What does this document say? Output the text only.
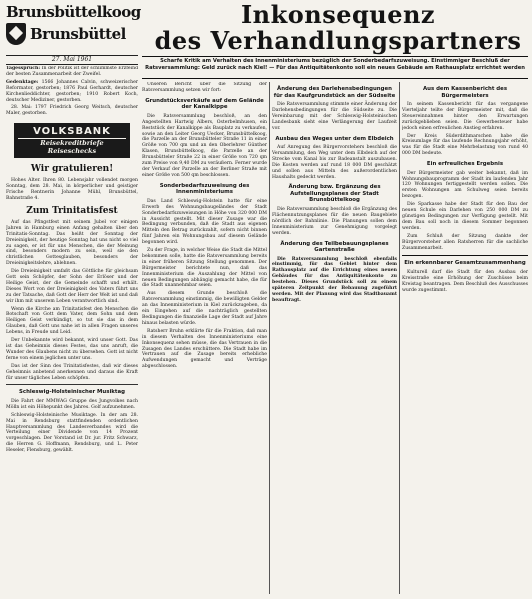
Brunsbüttelkoog
Brunsbüttel
27. Mai 1961
Inkonsequenz
des Verhandlungspartners
Scharfe Kritik am Verhalten des Innenministeriums bezüglich der Sonderbedarfszuweisung. Einstimmiger Beschluß der Ratsversammlung: Geld zurück nach Kiel! — Für das Antiquitätenkonto soll ein neues Gebäude am Rathausplatz errichtet werden

Tagesspruch: In der Politik ist der schlimmste Erzfeind der besten Zusammenarbeit der Zweifel.

Gedenktage: 1566 Johannes Calvin, schweizerischer Reformator, gestorben; 1876 Paul Gerhardt, deutscher Kirchenlieddichter, gestorben; 1910 Robert Koch, deutscher Mediziner, gestorben.

28. Mai: 1797 Friedrich Georg Weitsch, deutscher Maler, gestorben.

VOLKSBANK
Reisekreditbriefe
Reiseschecks
Wir gratulieren!

Hohes Alter. Ihren 80. Lebensjahr vollendet morgen Sonntag, dem 28. Mai, in körperlicher und geistiger Frische Rentnerin Johanne Mühl, Brunsbüttel, Bahnstraße 4.

Zum Trinitatisfest

Auf das Pfingstfest mit seinem Jubel vor einigen Jahren in Hamburg einen Anfang gehalten über den Trinitatis-Sonntag. Das heißt der Sonntag der Dreieinigkeit, der heutige Sonntag hat uns nicht so viel zu sagen, er ist für uns Menschen, die der Meinung sind, besonders modern zu sein, weil sie den christlichen Gottesglauben, besonders der Dreieinigkeitslehre, ablehnen.

Die Dreieinigkeit umfaßt das Göttliche für gleichsam Gott sein Schöpfer, der Sohn der Erlöser und der Heilige Geist, der die Gemeinde schafft und erhält. Dieses Wort von der Dreieinigkeit des Vaters führt uns zu der Tatsache, daß Gott der Herr der Welt ist und daß wir ihm mit unserem Leben verantwortlich sind.

Wenn die Kirche am Trinitatisfest den Menschen die Botschaft von Gott dem Vater, dem Sohn und dem Heiligen Geist verkündigt, so tut sie das in dem Glauben, daß Gott uns nahe ist in allen Fragen unseres Lebens, in Freude und Leid.

Der Unbekannte wird bekannt, wird unser Gott. Das ist das Geheimnis dieses Festes, das uns anruft, die Wunder des Glaubens nicht zu übersehen. Gott ist nicht ferne von einem jeglichen unter uns.

Das ist der Sinn des Trinitatisfestes, daß wir dieses Geheimnis anbetend anerkennen und daraus die Kraft für unser tägliches Leben schöpfen.

Schleswig-Holsteinischer Musiktag

Die Fahrt der MMWAG Gruppe des Jungvolkes nach Mölln ist ein Höhepunkt des Jahres. Golf aufzunehmen.

Schleswig-Holsteinische Musiktage. In der am 28. Mai in Rendsburg stattfindenden ordentlichen Hauptversammlung des Landesverbandes wird die Verteilung einer Dividende von 14 Prozent vorgeschlagen. Der Vorstand ist Dr. jur. Fritz Schwarz, die Herren G. Hoffmann, Rendsburg, und L. Peter Heseler, Flensburg, gewählt.

Unseren Bericht über die Sitzung der Ratsversammlung setzen wir fort:

Grundstücksverkäufe auf dem Gelände der Kanalkippe

Die Ratsversammlung beschloß, an den Angestellten Hartwig Albers, Osterbelmhusen, ein Reststück der Kanalkippe als Bauplatz zu verkaufen, sowie an den Leiter Georg Uecker, Brunsbüttelkoog, die Parzelle an der Brunsbütteler Straße 11 in einer Größe von 700 qm und an den Oberlehrer Günther Klasen, Brunsbüttelkoog, die Parzelle an der Brunsbütteler Straße 22 in einer Größe von 720 qm zum Preise von 9,40 DM zu veräußern. Ferner wurde der Verkauf der Parzelle an der Berliner Straße mit einer Größe von 500 qm beschlossen.

Sonderbedarfszuweisung des Innenministeriums

Das Land Schleswig-Holstein hatte für eine Erwerb des Wohnungsbaugeländes der Stadt Sonderbedarfszuweisungen in Höhe von 320 000 DM in Aussicht gestellt. Mit dieser Zusage war die Bedingung verbunden, daß die Stadt aus eigenen Mitteln den Betrag zurückzahlt, sofern nicht binnen fünf Jahren ein Wohnungsbau auf diesem Gelände begonnen wird.

Zu der Frage, in welcher Weise die Stadt die Mittel bekommen solle, hatte die Ratsversammlung bereits in einer früheren Sitzung Stellung genommen. Der Bürgermeister berichtete nun, daß das Innenministerium die Auszahlung der Mittel von neuen Bedingungen abhängig gemacht habe, die für die Stadt unannehmbar seien.

Aus diesem Grunde beschloß die Ratsversammlung einstimmig, die bewilligten Gelder an das Innenministerium in Kiel zurückzugeben, da ein Eingehen auf die nachträglich gestellten Bedingungen die finanzielle Lage der Stadt auf Jahre hinaus belasten würde.

Ratsherr Bruhn erklärte für die Fraktion, daß man in diesem Verhalten des Innenministeriums eine Inkonsequenz sehen müsse, die das Vertrauen in die Zusagen des Landes erschüttere. Die Stadt habe im Vertrauen auf die Zusage bereits erhebliche Aufwendungen gemacht und Verträge abgeschlossen.

Änderung des Darlehensbedingungen für das Kaufgrundstück an der Südseite

Die Ratsversammlung stimmte einer Änderung der Darlehensbedingungen für die Südseite zu. Die Vereinbarung mit der Schleswig-Holsteinischen Landesbank sieht eine Verlängerung der Laufzeit vor.

Ausbau des Weges unter dem Elbdeich

Auf Anregung des Bürgervorstehers beschloß die Versammlung, den Weg unter dem Elbdeich auf der Strecke vom Kanal bis zur Badeanstalt auszubauen. Die Kosten werden auf rund 18 000 DM geschätzt und sollen aus Mitteln des außerordentlichen Haushalts gedeckt werden.

Änderung bzw. Ergänzung des Aufstellungsplanes der Stadt Brunsbüttelkoog

Die Ratsversammlung beschloß die Ergänzung des Flächennutzungsplanes für die neuen Baugebiete nördlich der Bahnlinie. Die Planungen sollen dem Innenministerium zur Genehmigung vorgelegt werden.

Änderung des Teilbebauungsplanes Gartenstraße

Die Ratsversammlung beschloß ebenfalls einstimmig, für das Gebiet hinter dem Rathausplatz auf die Errichtung eines neuen Gebäudes für das Antiquitätenkonto zu bestehen. Dieses Grundstück soll zu einem späteren Zeitpunkt der Bebauung zugeführt werden. Mit der Planung wird das Stadtbauamt beauftragt.

Aus dem Kassenbericht des Bürgermeisters

In seinem Kassenbericht für das vergangene Vierteljahr teilte der Bürgermeister mit, daß die Steuereinnahmen hinter den Erwartungen zurückgeblieben seien. Die Gewerbesteuer habe jedoch einen erfreulichen Anstieg erfahren.

Der Kreis Süderdithmarschen habe die Kreisumlage für das laufende Rechnungsjahr erhöht, was für die Stadt eine Mehrbelastung von rund 40 000 DM bedeute.

Ein erfreuliches Ergebnis

Der Bürgermeister gab weiter bekannt, daß im Wohnungsbauprogramm der Stadt im laufenden Jahr 120 Wohnungen fertiggestellt werden sollen. Die ersten Wohnungen am Schulweg seien bereits bezogen.

Die Sparkasse habe der Stadt für den Bau der neuen Schule ein Darlehen von 250 000 DM zu günstigen Bedingungen zur Verfügung gestellt. Mit dem Bau soll noch in diesem Sommer begonnen werden.

Zum Schluß der Sitzung dankte der Bürgervorsteher allen Ratsherren für die sachliche Zusammenarbeit.

Ein erkennbarer Gesamtzusammenhang

Kulturell darf die Stadt für den Ausbau der Kreisstraße eine Erhöhung der Zuschüsse beim Kreistag beantragen. Dem Beschluß des Ausschusses wurde zugestimmt.
